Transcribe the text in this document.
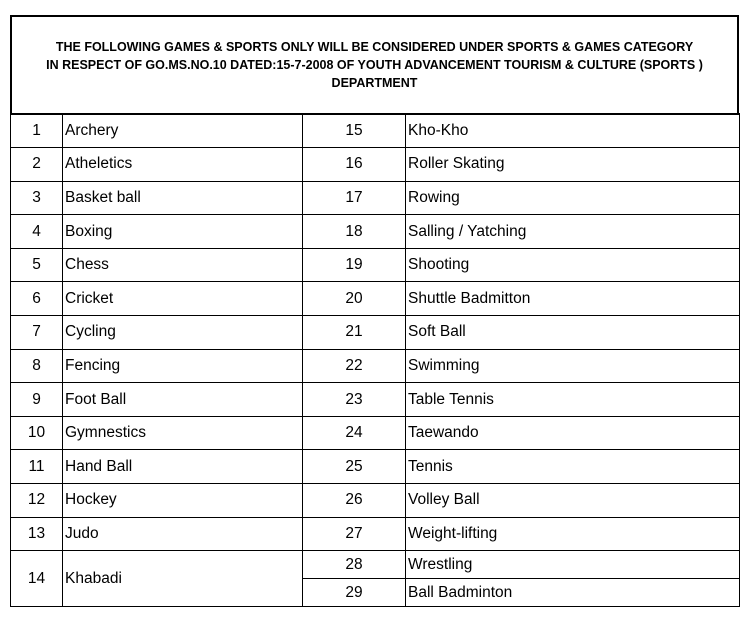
THE FOLLOWING GAMES & SPORTS ONLY WILL BE CONSIDERED UNDER SPORTS & GAMES CATEGORY
IN RESPECT OF GO.MS.NO.10 DATED:15-7-2008 OF YOUTH ADVANCEMENT TOURISM & CULTURE (SPORTS )
DEPARTMENT
1	Archery	15	Kho-Kho
2	Atheletics	16	Roller Skating
3	Basket ball	17	Rowing
4	Boxing	18	Salling / Yatching
5	Chess	19	Shooting
6	Cricket	20	Shuttle Badmitton
7	Cycling	21	Soft Ball
8	Fencing	22	Swimming
9	Foot Ball	23	Table Tennis
10	Gymnestics	24	Taewando
11	Hand Ball	25	Tennis
12	Hockey	26	Volley Ball
13	Judo	27	Weight-lifting
14	Khabadi	28	Wrestling
		29	Ball Badminton
